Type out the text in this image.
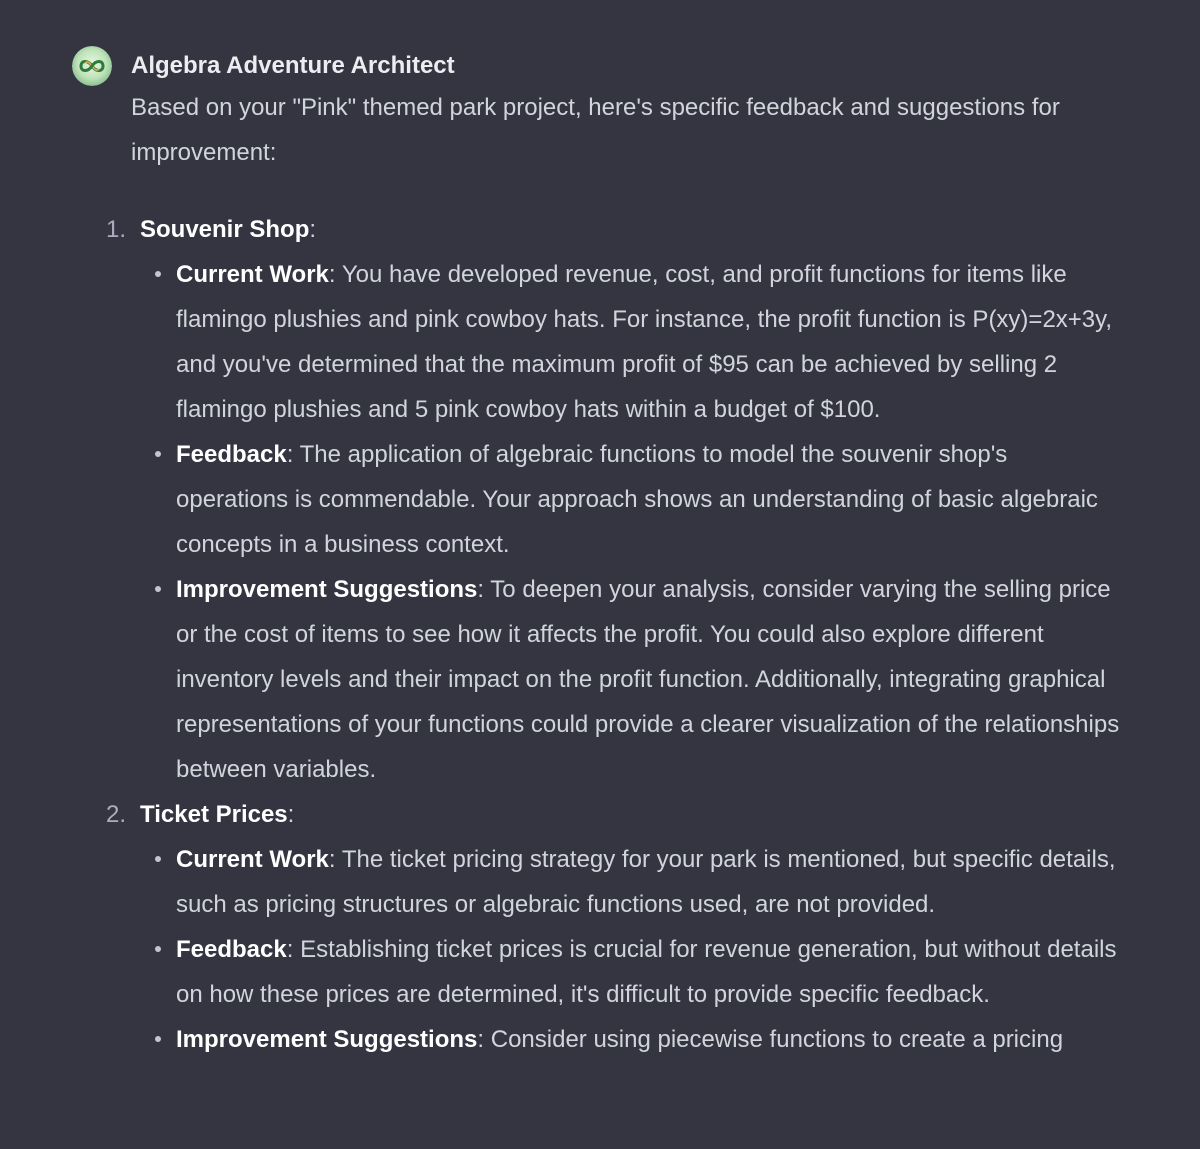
Algebra Adventure Architect

Based on your "Pink" themed park project, here's specific feedback and suggestions for improvement:

1. Souvenir Shop:
Current Work: You have developed revenue, cost, and profit functions for items like flamingo plushies and pink cowboy hats. For instance, the profit function is P(xy)=2x+3y, and you've determined that the maximum profit of $95 can be achieved by selling 2 flamingo plushies and 5 pink cowboy hats within a budget of $100.
Feedback: The application of algebraic functions to model the souvenir shop's operations is commendable. Your approach shows an understanding of basic algebraic concepts in a business context.
Improvement Suggestions: To deepen your analysis, consider varying the selling price or the cost of items to see how it affects the profit. You could also explore different inventory levels and their impact on the profit function. Additionally, integrating graphical representations of your functions could provide a clearer visualization of the relationships between variables.
2. Ticket Prices:
Current Work: The ticket pricing strategy for your park is mentioned, but specific details, such as pricing structures or algebraic functions used, are not provided.
Feedback: Establishing ticket prices is crucial for revenue generation, but without details on how these prices are determined, it's difficult to provide specific feedback.
Improvement Suggestions: Consider using piecewise functions to create a pricing
